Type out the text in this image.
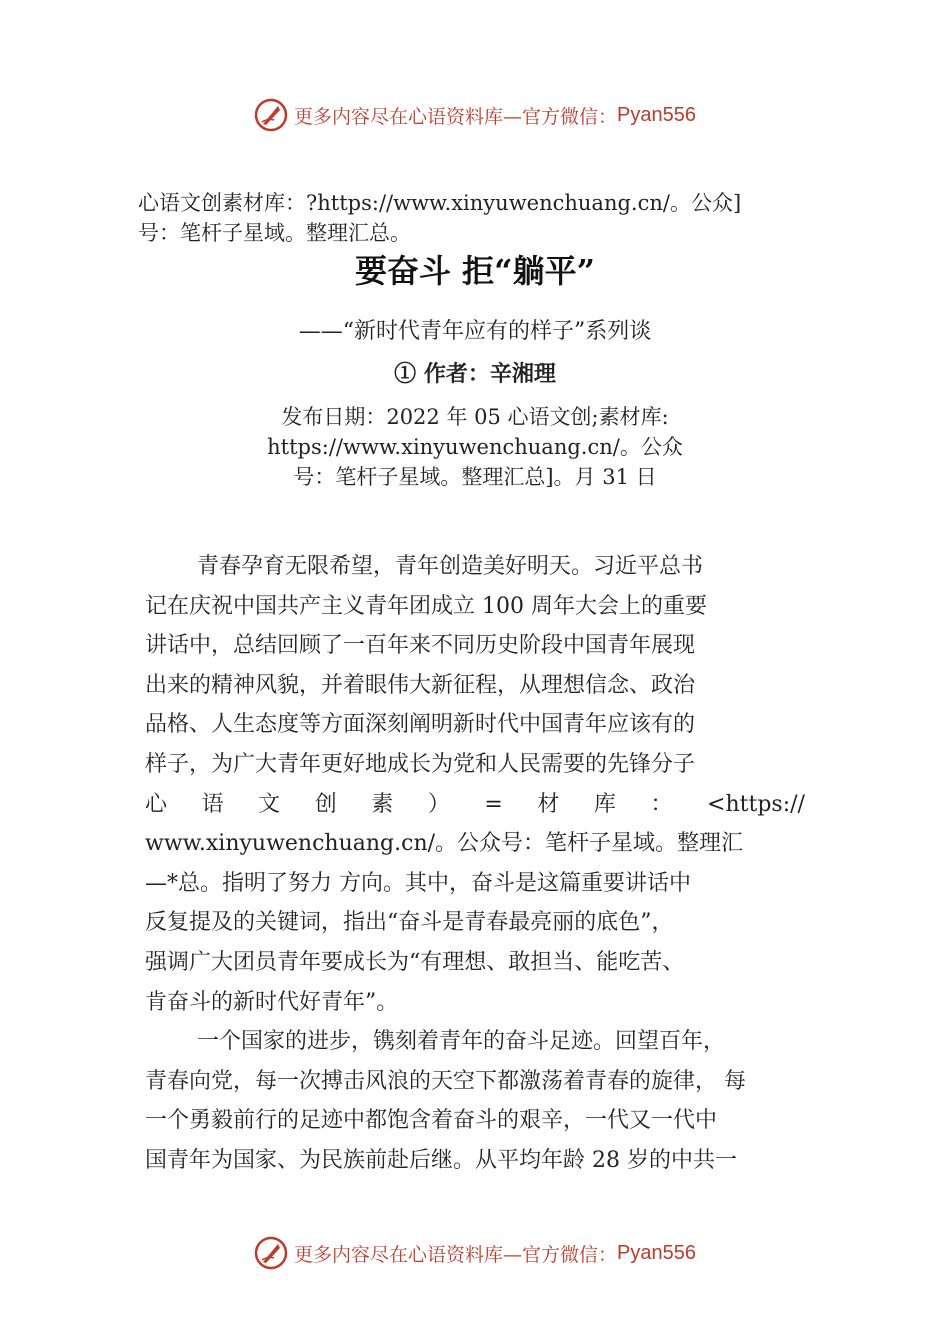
更多内容尽在心语资料库— 官方微信： Pyan556
心语文创素材库：?https://www.xinyuwenchuang.cn/。公众]
号：笔杆子星域。整理汇总。
要奋斗 拒“躺平”
——“新时代青年应有的样子”系列谈
① 作者：辛湘理
发布日期：2022 年 05 心语文创;素材库:
https://www.xinyuwenchuang.cn/。公众
号：笔杆子星域。整理汇总]。月 31 日
青春孕育无限希望，青年创造美好明天。习近平总书
记在庆祝中国共产主义青年团成立 100 周年大会上的重要
讲话中，总结回顾了一百年来不同历史阶段中国青年展现
出来的精神风貌，并着眼伟大新征程，从理想信念、政治
品格、人生态度等方面深刻阐明新时代中国青年应该有的
样子，为广大青年更好地成长为党和人民需要的先锋分子
心 语 文 创 素 ） = 材 库 ： <https://
www.xinyuwenchuang.cn/。公众号：笔杆子星域。整理汇
—*总。指明了努力 方向。其中，奋斗是这篇重要讲话中
反复提及的关键词，指出“奋斗是青春最亮丽的底色”，
强调广大团员青年要成长为“有理想、敢担当、能吃苦、
肯奋斗的新时代好青年”。
一个国家的进步，镌刻着青年的奋斗足迹。回望百年，
青春向党，每一次搏击风浪的天空下都激荡着青春的旋律， 每
一个勇毅前行的足迹中都饱含着奋斗的艰辛，一代又一代中
国青年为国家、为民族前赴后继。从平均年龄 28 岁的中共一
更多内容尽在心语资料库— 官方微信： Pyan556
